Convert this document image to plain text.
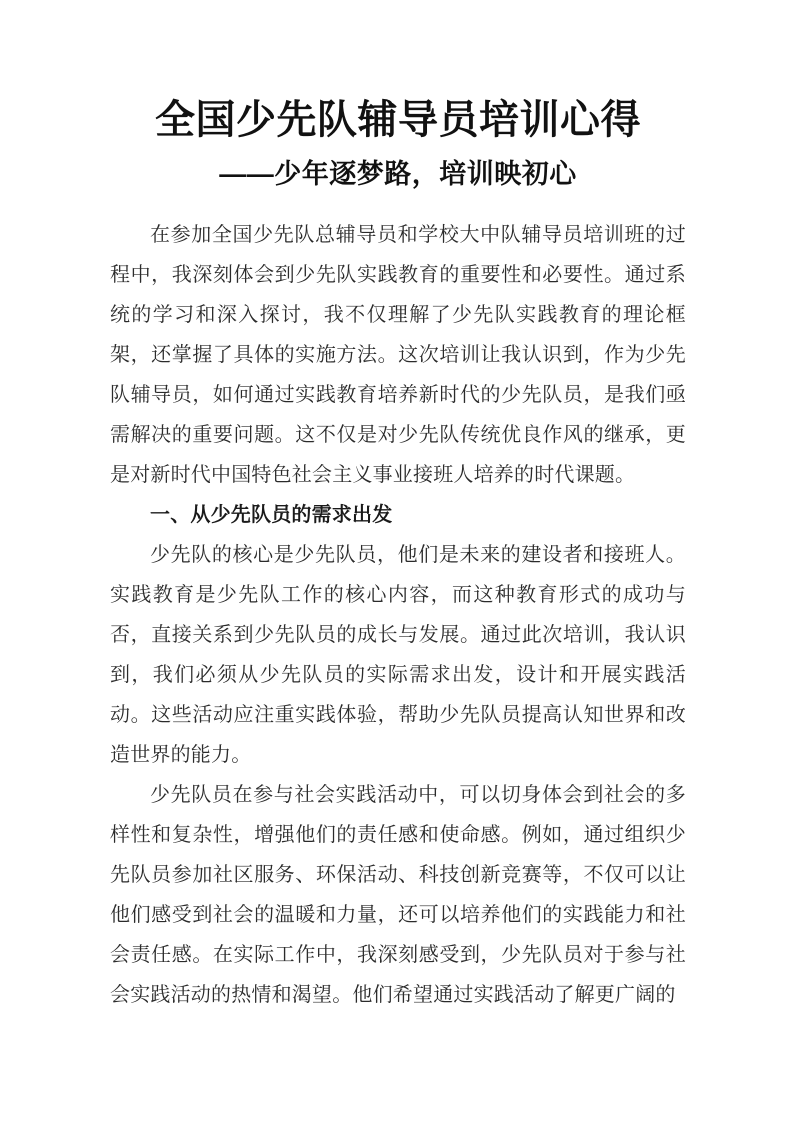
全国少先队辅导员培训心得
——少年逐梦路，培训映初心

在参加全国少先队总辅导员和学校大中队辅导员培训班的过程中，我深刻体会到少先队实践教育的重要性和必要性。通过系统的学习和深入探讨，我不仅理解了少先队实践教育的理论框架，还掌握了具体的实施方法。这次培训让我认识到，作为少先队辅导员，如何通过实践教育培养新时代的少先队员，是我们亟需解决的重要问题。这不仅是对少先队传统优良作风的继承，更是对新时代中国特色社会主义事业接班人培养的时代课题。

一、从少先队员的需求出发

少先队的核心是少先队员，他们是未来的建设者和接班人。实践教育是少先队工作的核心内容，而这种教育形式的成功与否，直接关系到少先队员的成长与发展。通过此次培训，我认识到，我们必须从少先队员的实际需求出发，设计和开展实践活动。这些活动应注重实践体验，帮助少先队员提高认知世界和改造世界的能力。

少先队员在参与社会实践活动中，可以切身体会到社会的多样性和复杂性，增强他们的责任感和使命感。例如，通过组织少先队员参加社区服务、环保活动、科技创新竞赛等，不仅可以让他们感受到社会的温暖和力量，还可以培养他们的实践能力和社会责任感。在实际工作中，我深刻感受到，少先队员对于参与社会实践活动的热情和渴望。他们希望通过实践活动了解更广阔的
